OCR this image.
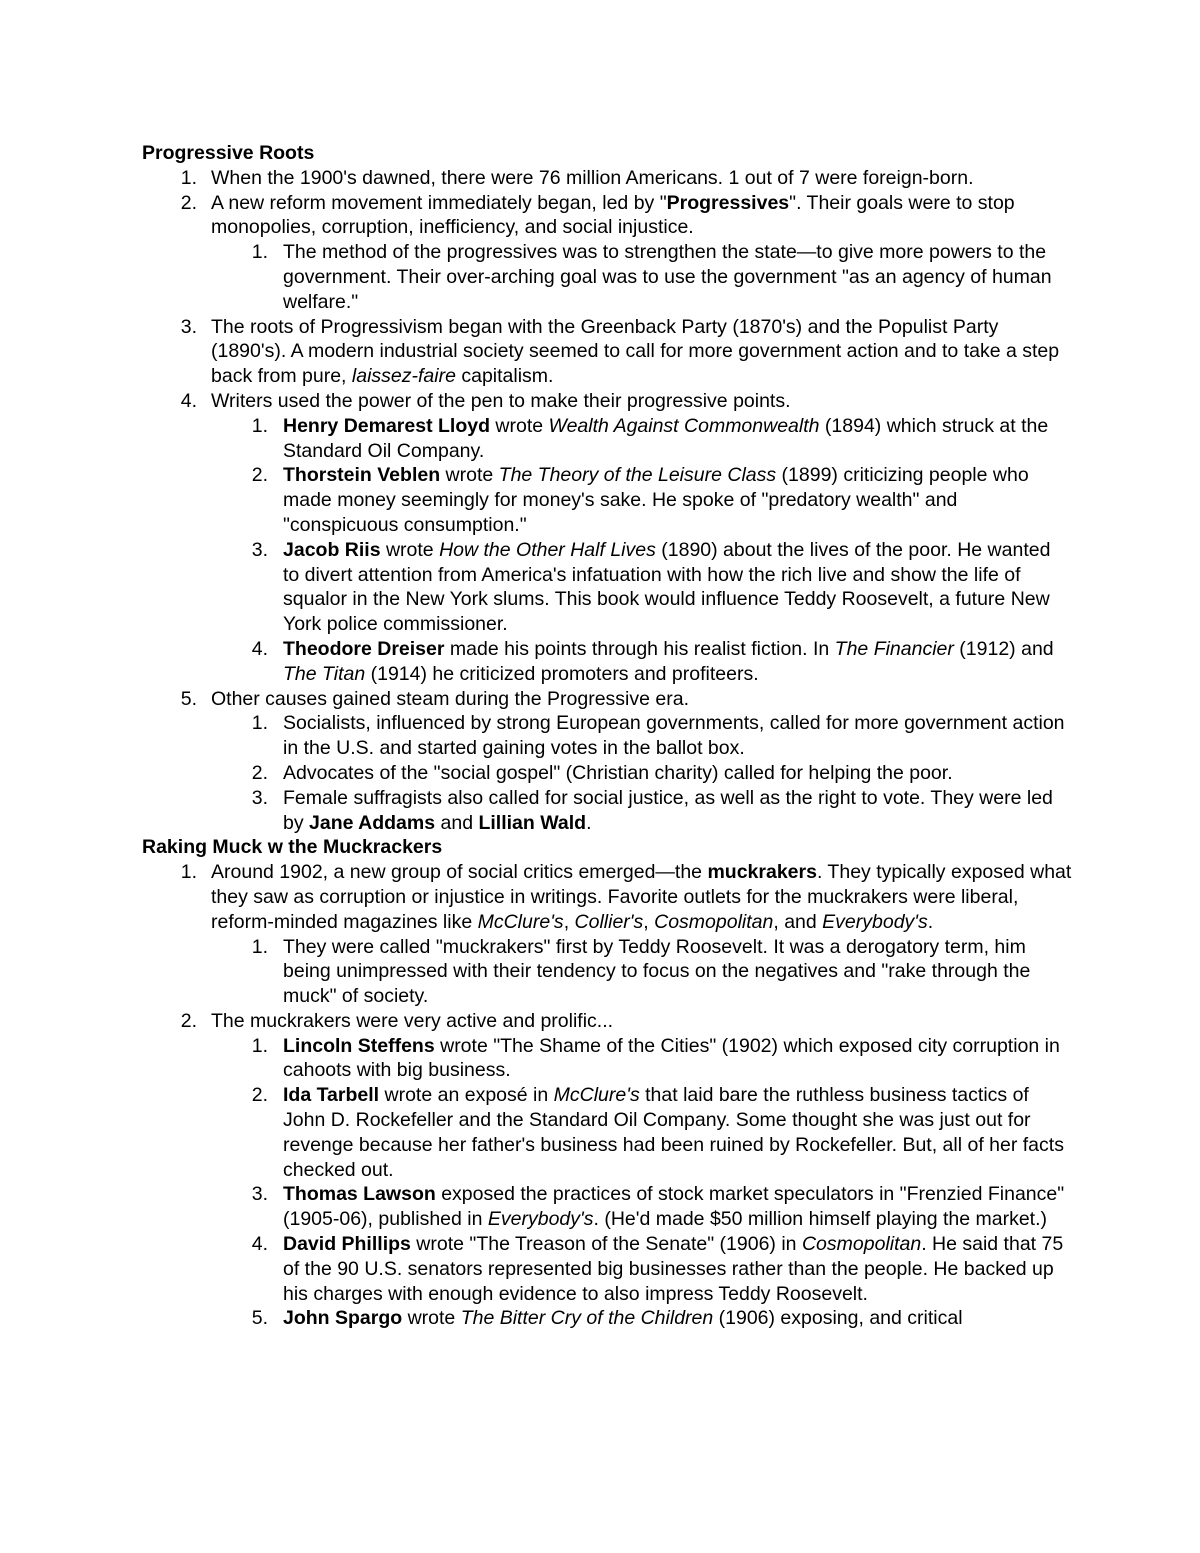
Progressive Roots
1. When the 1900's dawned, there were 76 million Americans. 1 out of 7 were foreign-born.
2. A new reform movement immediately began, led by "Progressives". Their goals were to stop monopolies, corruption, inefficiency, and social injustice.
1. The method of the progressives was to strengthen the state—to give more powers to the government. Their over-arching goal was to use the government "as an agency of human welfare."
3. The roots of Progressivism began with the Greenback Party (1870's) and the Populist Party (1890's). A modern industrial society seemed to call for more government action and to take a step back from pure, laissez-faire capitalism.
4. Writers used the power of the pen to make their progressive points.
1. Henry Demarest Lloyd wrote Wealth Against Commonwealth (1894) which struck at the Standard Oil Company.
2. Thorstein Veblen wrote The Theory of the Leisure Class (1899) criticizing people who made money seemingly for money's sake. He spoke of "predatory wealth" and "conspicuous consumption."
3. Jacob Riis wrote How the Other Half Lives (1890) about the lives of the poor. He wanted to divert attention from America's infatuation with how the rich live and show the life of squalor in the New York slums. This book would influence Teddy Roosevelt, a future New York police commissioner.
4. Theodore Dreiser made his points through his realist fiction. In The Financier (1912) and The Titan (1914) he criticized promoters and profiteers.
5. Other causes gained steam during the Progressive era.
1. Socialists, influenced by strong European governments, called for more government action in the U.S. and started gaining votes in the ballot box.
2. Advocates of the "social gospel" (Christian charity) called for helping the poor.
3. Female suffragists also called for social justice, as well as the right to vote. They were led by Jane Addams and Lillian Wald.
Raking Muck w the Muckrackers
1. Around 1902, a new group of social critics emerged—the muckrakers. They typically exposed what they saw as corruption or injustice in writings. Favorite outlets for the muckrakers were liberal, reform-minded magazines like McClure's, Collier's, Cosmopolitan, and Everybody's.
1. They were called "muckrakers" first by Teddy Roosevelt. It was a derogatory term, him being unimpressed with their tendency to focus on the negatives and "rake through the muck" of society.
2. The muckrakers were very active and prolific...
1. Lincoln Steffens wrote "The Shame of the Cities" (1902) which exposed city corruption in cahoots with big business.
2. Ida Tarbell wrote an exposé in McClure's that laid bare the ruthless business tactics of John D. Rockefeller and the Standard Oil Company. Some thought she was just out for revenge because her father's business had been ruined by Rockefeller. But, all of her facts checked out.
3. Thomas Lawson exposed the practices of stock market speculators in "Frenzied Finance" (1905-06), published in Everybody's. (He'd made $50 million himself playing the market.)
4. David Phillips wrote "The Treason of the Senate" (1906) in Cosmopolitan. He said that 75 of the 90 U.S. senators represented big businesses rather than the people. He backed up his charges with enough evidence to also impress Teddy Roosevelt.
5. John Spargo wrote The Bitter Cry of the Children (1906) exposing, and critical
